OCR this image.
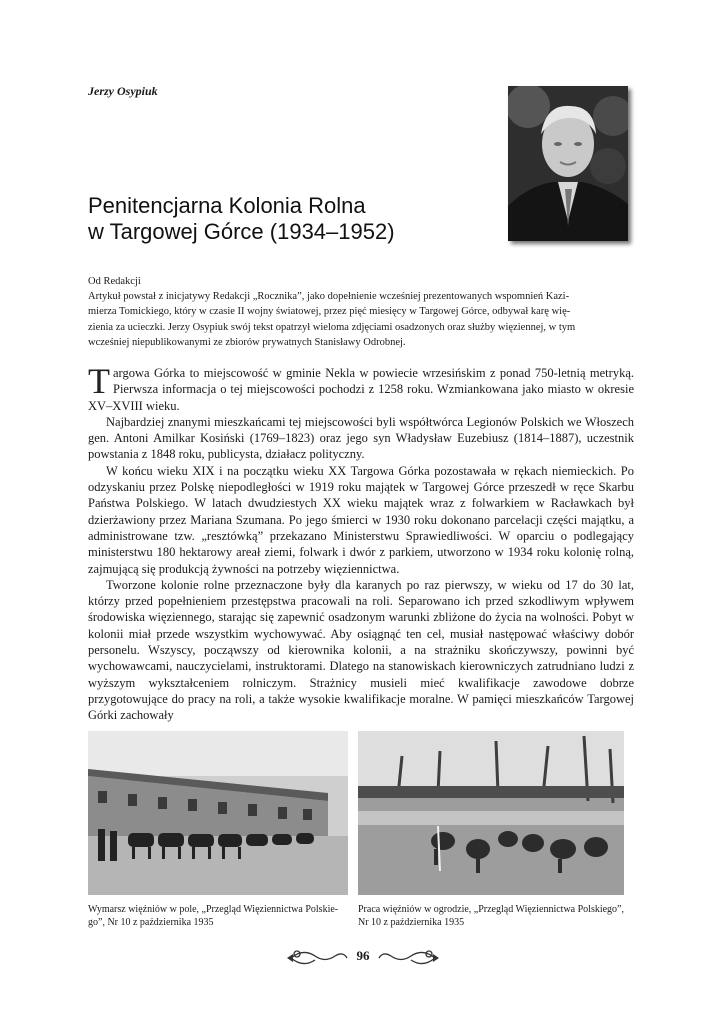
Jerzy Osypiuk
Penitencjarna Kolonia Rolna
w Targowej Górce (1934–1952)

Od Redakcji

Artykuł powstał z inicjatywy Redakcji „Rocznika”, jako dopełnienie wcześniej prezentowanych wspomnień Kazi-

mierza Tomickiego, który w czasie II wojny światowej, przez pięć miesięcy w Targowej Górce, odbywał karę wię-

zienia za ucieczki. Jerzy Osypiuk swój tekst opatrzył wieloma zdjęciami osadzonych oraz służby więziennej, w tym

wcześniej niepublikowanymi ze zbiorów prywatnych Stanisławy Odrobnej.

Targowa Górka to miejscowość w gminie Nekla w powiecie wrzesińskim z ponad 750-letnią metryką. Pierwsza informacja o tej miejscowości pochodzi z 1258 roku. Wzmiankowana jako miasto w okresie XV–XVIII wieku.

Najbardziej znanymi mieszkańcami tej miejscowości byli współtwórca Legionów Polskich we Włoszech gen. Antoni Amilkar Kosiński (1769–1823) oraz jego syn Władysław Euzebiusz (1814–1887), uczestnik powstania z 1848 roku, publicysta, działacz polityczny.

W końcu wieku XIX i na początku wieku XX Targowa Górka pozostawała w rękach niemieckich. Po odzyskaniu przez Polskę niepodległości w 1919 roku majątek w Targowej Górce przeszedł w ręce Skarbu Państwa Polskiego. W latach dwudziestych XX wieku majątek wraz z folwarkiem w Racławkach był dzierżawiony przez Mariana Szumana. Po jego śmierci w 1930 roku dokonano parcelacji części majątku, a administrowane tzw. „resztówką” przekazano Ministerstwu Sprawiedliwości. W oparciu o podlegający ministerstwu 180 hektarowy areał ziemi, folwark i dwór z parkiem, utworzono w 1934 roku kolonię rolną, zajmującą się produkcją żywności na potrzeby więziennictwa.

Tworzone kolonie rolne przeznaczone były dla karanych po raz pierwszy, w wieku od 17 do 30 lat, którzy przed popełnieniem przestępstwa pracowali na roli. Separowano ich przed szkodliwym wpływem środowiska więziennego, starając się zapewnić osadzonym warunki zbliżone do życia na wolności. Pobyt w kolonii miał przede wszystkim wychowywać. Aby osiągnąć ten cel, musiał następować właściwy dobór personelu. Wszyscy, począwszy od kierownika kolonii, a na strażniku skończywszy, powinni być wychowawcami, nauczycielami, instruktorami. Dlatego na stanowiskach kierowniczych zatrudniano ludzi z wyższym wykształceniem rolniczym. Strażnicy musieli mieć kwalifikacje zawodowe dobrze przygotowujące do pracy na roli, a także wysokie kwalifikacje moralne. W pamięci mieszkańców Targowej Górki zachowały

Wymarsz więźniów w pole, „Przegląd Więziennictwa Polskie-
go”, Nr 10 z października 1935
Praca więźniów w ogrodzie, „Przegląd Więziennictwa Polskiego”,
Nr 10 z października 1935
96
